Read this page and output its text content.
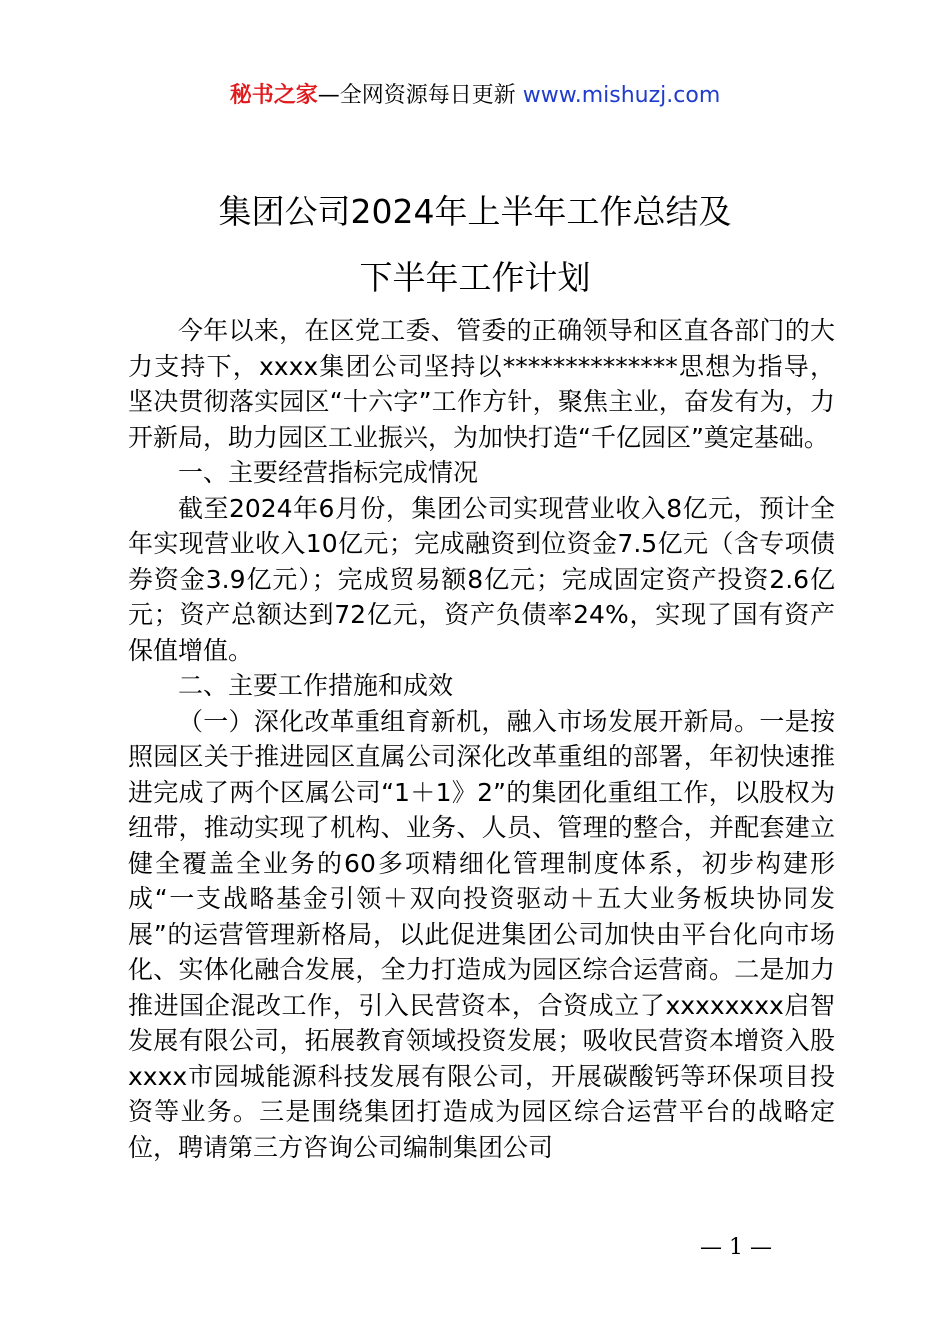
秘书之家—全网资源每日更新 www.mishuzj.com
集团公司2024年上半年工作总结及
下半年工作计划

今年以来，在区党工委、管委的正确领导和区直各部门的大力支持下，xxxx集团公司坚持以**************思想为指导，坚决贯彻落实园区“十六字”工作方针，聚焦主业，奋发有为，力开新局，助力园区工业振兴，为加快打造“千亿园区”奠定基础。

一、主要经营指标完成情况

截至2024年6月份，集团公司实现营业收入8亿元，预计全年实现营业收入10亿元；完成融资到位资金7.5亿元（含专项债券资金3.9亿元）；完成贸易额8亿元；完成固定资产投资2.6亿元；资产总额达到72亿元，资产负债率24%，实现了国有资产保值增值。

二、主要工作措施和成效

（一）深化改革重组育新机，融入市场发展开新局。一是按照园区关于推进园区直属公司深化改革重组的部署，年初快速推进完成了两个区属公司“1＋1》2”的集团化重组工作，以股权为纽带，推动实现了机构、业务、人员、管理的整合，并配套建立健全覆盖全业务的60多项精细化管理制度体系，初步构建形成“一支战略基金引领＋双向投资驱动＋五大业务板块协同发展”的运营管理新格局，以此促进集团公司加快由平台化向市场化、实体化融合发展，全力打造成为园区综合运营商。二是加力推进国企混改工作，引入民营资本，合资成立了xxxxxxxx启智发展有限公司，拓展教育领域投资发展；吸收民营资本增资入股xxxx市园城能源科技发展有限公司，开展碳酸钙等环保项目投资等业务。三是围绕集团打造成为园区综合运营平台的战略定位，聘请第三方咨询公司编制集团公司

— 1 —
